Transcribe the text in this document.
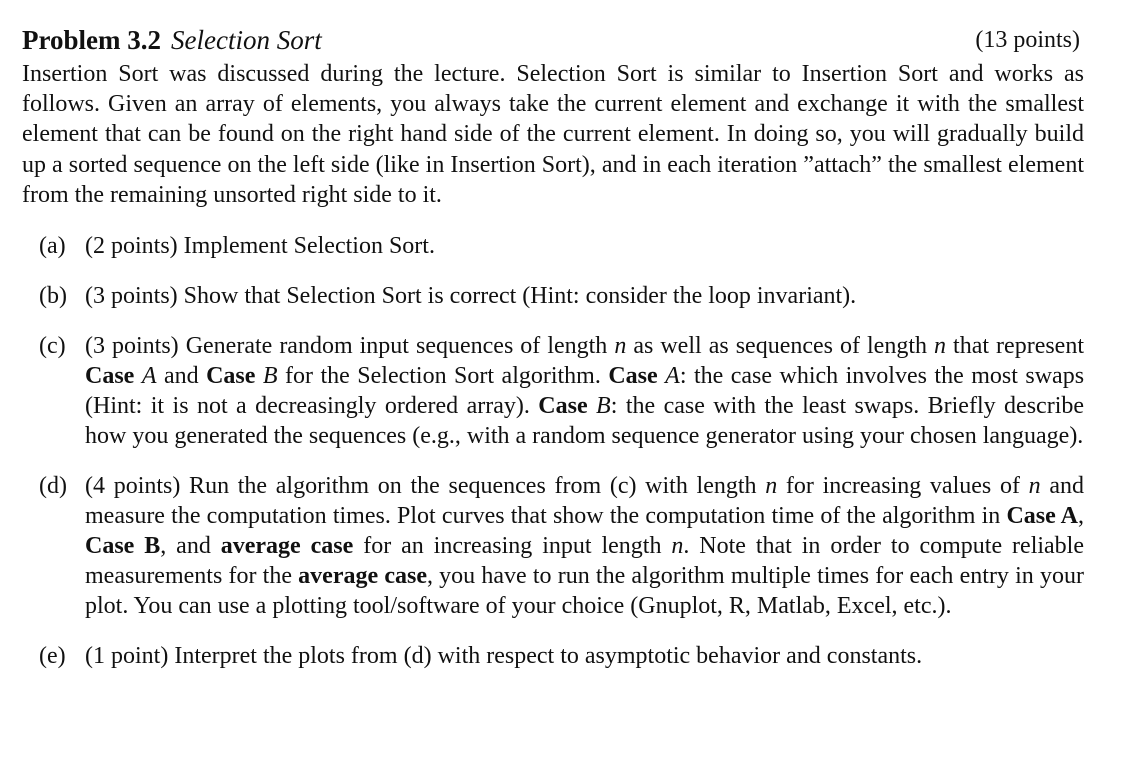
Problem 3.2 Selection Sort	(13 points)
Insertion Sort was discussed during the lecture. Selection Sort is similar to Insertion Sort and works as follows. Given an array of elements, you always take the current element and exchange it with the smallest element that can be found on the right hand side of the current element. In doing so, you will gradually build up a sorted sequence on the left side (like in Insertion Sort), and in each iteration ”attach” the smallest element from the remaining unsorted right side to it.
(a) (2 points) Implement Selection Sort.
(b) (3 points) Show that Selection Sort is correct (Hint: consider the loop invariant).
(c) (3 points) Generate random input sequences of length n as well as sequences of length n that represent Case A and Case B for the Selection Sort algorithm. Case A: the case which involves the most swaps (Hint: it is not a decreasingly ordered array). Case B: the case with the least swaps. Briefly describe how you generated the sequences (e.g., with a random sequence generator using your chosen language).
(d) (4 points) Run the algorithm on the sequences from (c) with length n for increasing values of n and measure the computation times. Plot curves that show the computation time of the algorithm in Case A, Case B, and average case for an increasing input length n. Note that in order to compute reliable measurements for the average case, you have to run the algorithm multiple times for each entry in your plot. You can use a plotting tool/software of your choice (Gnuplot, R, Matlab, Excel, etc.).
(e) (1 point) Interpret the plots from (d) with respect to asymptotic behavior and constants.
